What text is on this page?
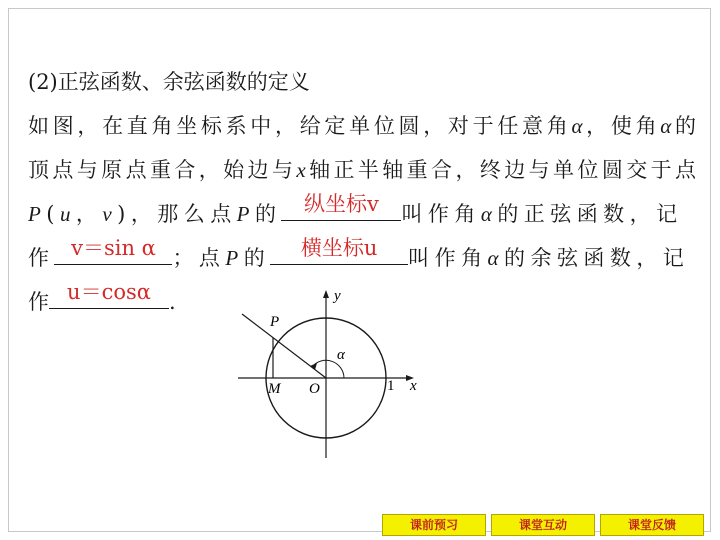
(2)正弦函数、余弦函数的定义
如图，在直角坐标系中，给定单位圆，对于任意角α，使角α的
顶点与原点重合，始边与x轴正半轴重合，终边与单位圆交于点
P(u，v)，那么点P的	纵坐标v	叫作角α的正弦函数，记
作 v＝sin α ；点P的	横坐标u	叫作角α的余弦函数，记
作 u＝cosα .	y
x
P
M O	1
α
课前预习	课堂互动	课堂反馈
